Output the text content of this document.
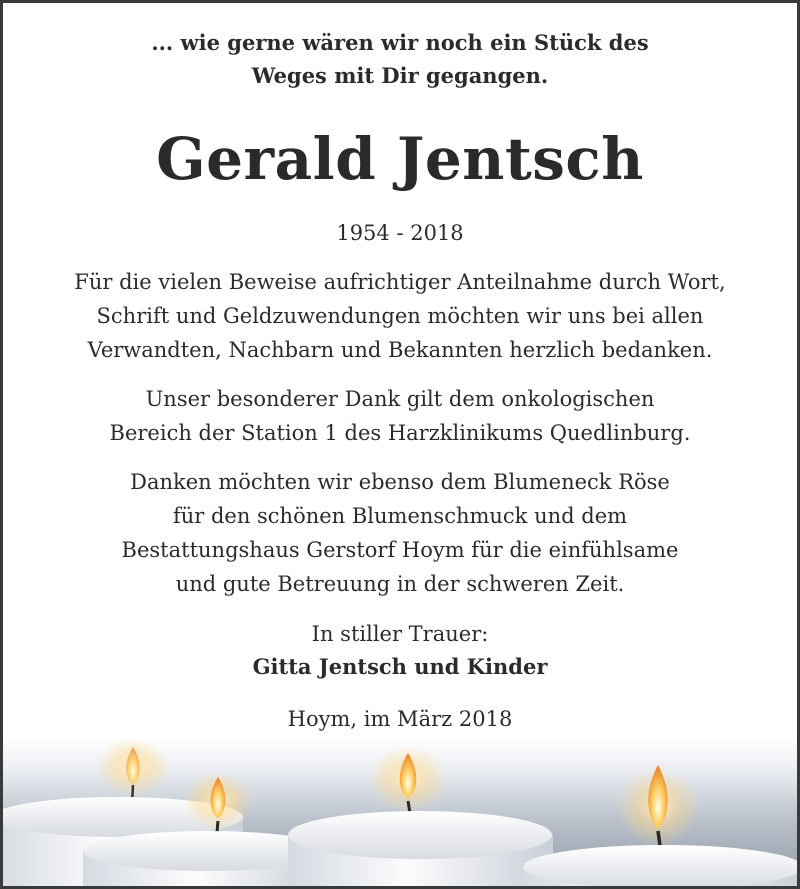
... wie gerne wären wir noch ein Stück des
Weges mit Dir gegangen.
Gerald Jentsch
1954 - 2018
Für die vielen Beweise aufrichtiger Anteilnahme durch Wort,
Schrift und Geldzuwendungen möchten wir uns bei allen
Verwandten, Nachbarn und Bekannten herzlich bedanken.
Unser besonderer Dank gilt dem onkologischen
Bereich der Station 1 des Harzklinikums Quedlinburg.
Danken möchten wir ebenso dem Blumeneck Röse
für den schönen Blumenschmuck und dem
Bestattungshaus Gerstorf Hoym für die einfühlsame
und gute Betreuung in der schweren Zeit.
In stiller Trauer:
Gitta Jentsch und Kinder
Hoym, im März 2018
